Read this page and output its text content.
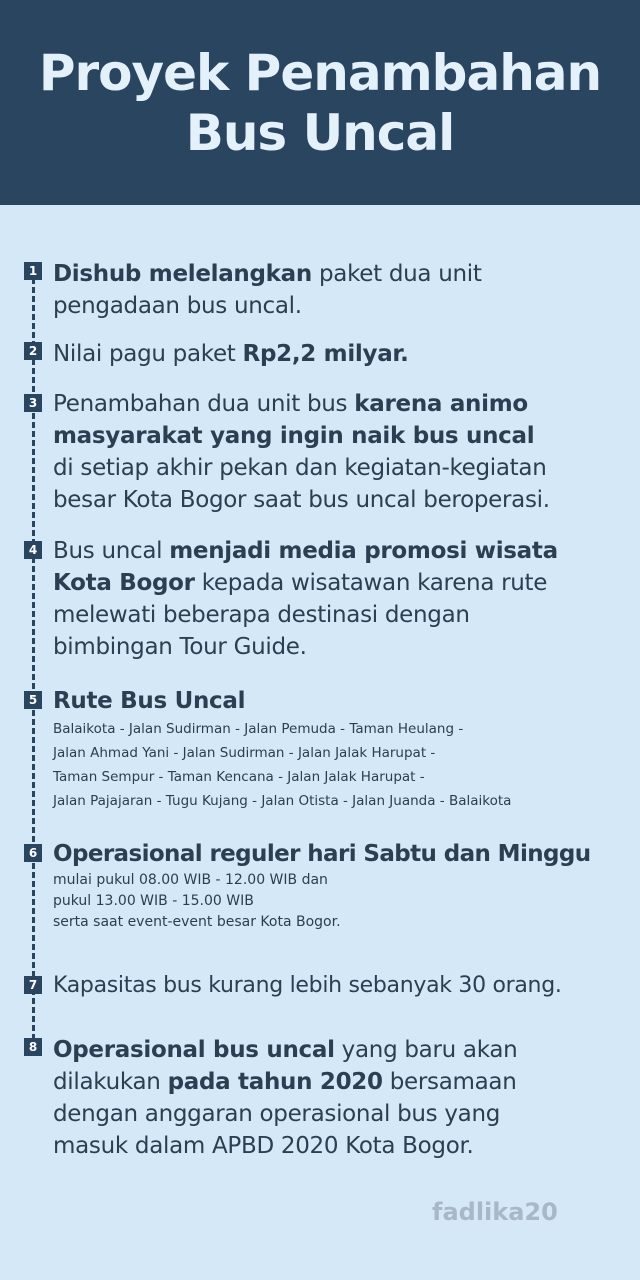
Proyek Penambahan
Bus Uncal
1 Dishub melelangkan paket dua unit
pengadaan bus uncal.
2 Nilai pagu paket Rp2,2 milyar.
3 Penambahan dua unit bus karena animo
masyarakat yang ingin naik bus uncal
di setiap akhir pekan dan kegiatan-kegiatan
besar Kota Bogor saat bus uncal beroperasi.
4 Bus uncal menjadi media promosi wisata
Kota Bogor kepada wisatawan karena rute
melewati beberapa destinasi dengan
bimbingan Tour Guide.
5 Rute Bus Uncal
Balaikota - Jalan Sudirman - Jalan Pemuda - Taman Heulang -
Jalan Ahmad Yani - Jalan Sudirman - Jalan Jalak Harupat -
Taman Sempur - Taman Kencana - Jalan Jalak Harupat -
Jalan Pajajaran - Tugu Kujang - Jalan Otista - Jalan Juanda - Balaikota
6 Operasional reguler hari Sabtu dan Minggu
mulai pukul 08.00 WIB - 12.00 WIB dan
pukul 13.00 WIB - 15.00 WIB
serta saat event-event besar Kota Bogor.
7 Kapasitas bus kurang lebih sebanyak 30 orang.
8 Operasional bus uncal yang baru akan
dilakukan pada tahun 2020 bersamaan
dengan anggaran operasional bus yang
masuk dalam APBD 2020 Kota Bogor.
fadlika20
